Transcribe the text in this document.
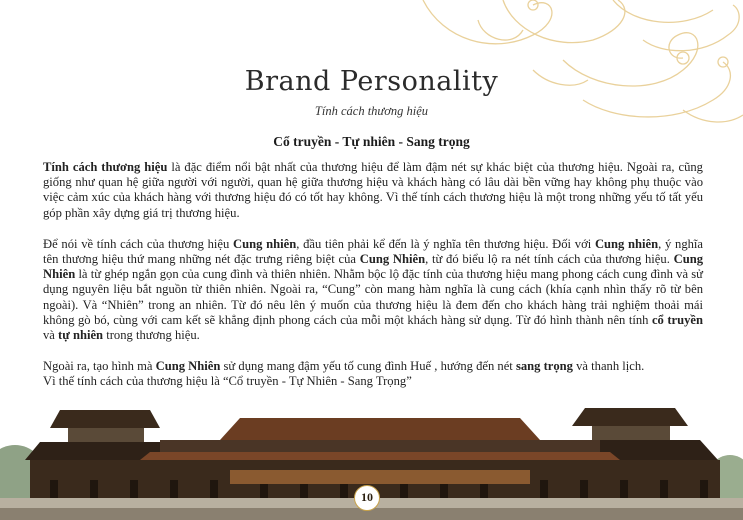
Brand Personality
Tính cách thương hiệu
Cổ truyền - Tự nhiên - Sang trọng

Tính cách thương hiệu là đặc điểm nổi bật nhất của thương hiệu để làm đậm nét sự khác biệt của thương hiệu. Ngoài ra, cũng giống như quan hệ giữa người với người, quan hệ giữa thương hiệu và khách hàng có lâu dài bền vững hay không phụ thuộc vào việc cảm xúc của khách hàng với thương hiệu đó có tốt hay không. Vì thế tính cách thương hiệu là một trong những yếu tố tất yếu góp phần xây dựng giá trị thương hiệu.

Để nói về tính cách của thương hiệu Cung nhiên, đầu tiên phải kể đến là ý nghĩa tên thương hiệu. Đối với Cung nhiên, ý nghĩa tên thương hiệu thứ mang những nét đặc trưng riêng biệt của Cung Nhiên, từ đó biểu lộ ra nét tính cách của thương hiệu. Cung Nhiên là từ ghép ngắn gọn của cung đình và thiên nhiên. Nhằm bộc lộ đặc tính của thương hiệu mang phong cách cung đình và sử dụng nguyên liệu bắt nguồn từ thiên nhiên. Ngoài ra, “Cung” còn mang hàm nghĩa là cung cách (khía cạnh nhìn thấy rõ từ bên ngoài). Và “Nhiên” trong an nhiên. Từ đó nêu lên ý muốn của thương hiệu là đem đến cho khách hàng trải nghiệm thoải mái không gò bó, cùng với cam kết sẽ khẳng định phong cách của mỗi một khách hàng sử dụng. Từ đó hình thành nên tính cổ truyền và tự nhiên trong thương hiệu.

Ngoài ra, tạo hình mà Cung Nhiên sử dụng mang đậm yếu tố cung đình Huế , hướng đến nét sang trọng và thanh lịch.
Vì thế tính cách của thương hiệu là “Cổ truyền - Tự Nhiên - Sang Trọng”

10
